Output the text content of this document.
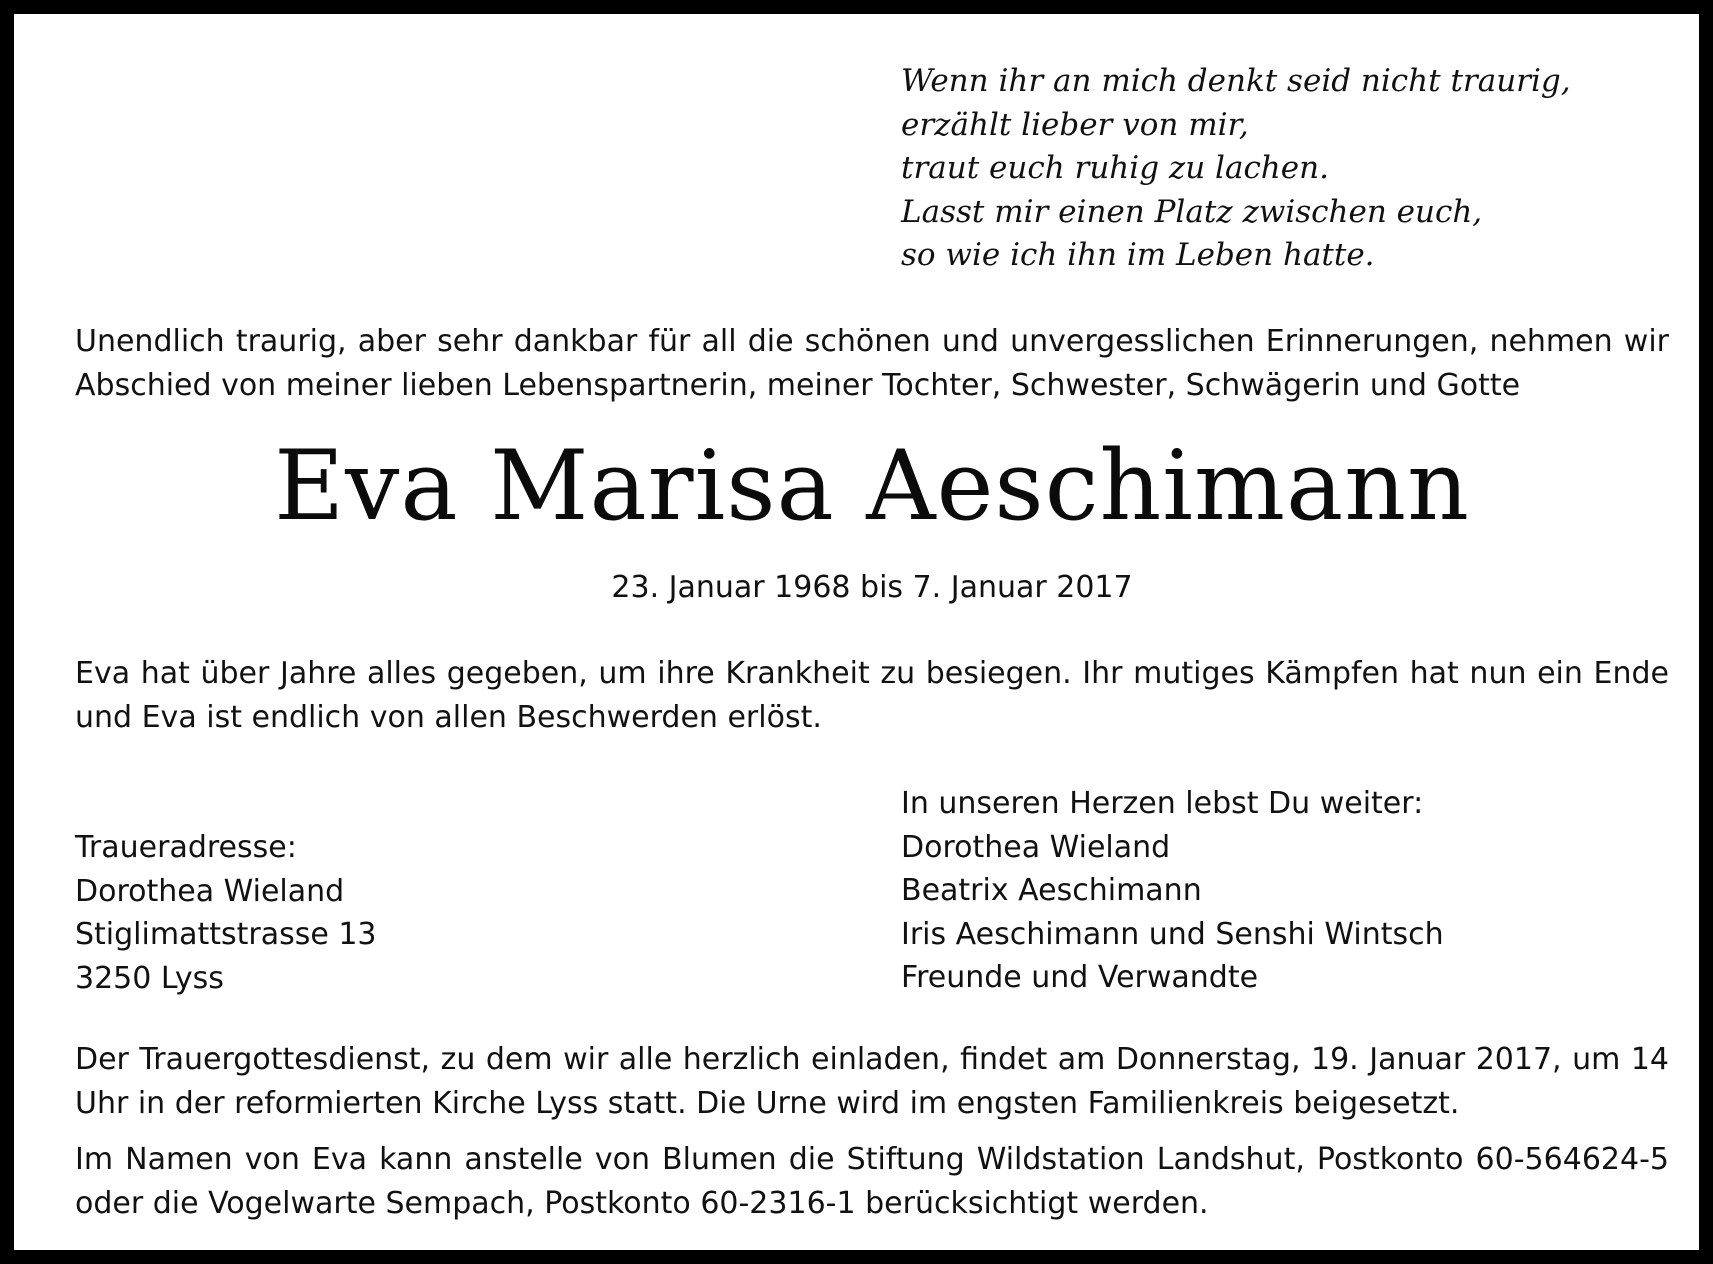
Wenn ihr an mich denkt seid nicht traurig,
erzählt lieber von mir,
traut euch ruhig zu lachen.
Lasst mir einen Platz zwischen euch,
so wie ich ihn im Leben hatte.
Unendlich traurig, aber sehr dankbar für all die schönen und unvergesslichen Erinnerungen, nehmen wir Abschied von meiner lieben Lebenspartnerin, meiner Tochter, Schwester, Schwägerin und Gotte
Eva Marisa Aeschimann
23. Januar 1968 bis 7. Januar 2017
Eva hat über Jahre alles gegeben, um ihre Krankheit zu besiegen. Ihr mutiges Kämpfen hat nun ein Ende und Eva ist endlich von allen Beschwerden erlöst.
Traueradresse:
Dorothea Wieland
Stiglimattstrasse 13
3250 Lyss
In unseren Herzen lebst Du weiter:
Dorothea Wieland
Beatrix Aeschimann
Iris Aeschimann und Senshi Wintsch
Freunde und Verwandte
Der Trauergottesdienst, zu dem wir alle herzlich einladen, findet am Donnerstag, 19. Januar 2017, um 14 Uhr in der reformierten Kirche Lyss statt. Die Urne wird im engsten Familienkreis beigesetzt.
Im Namen von Eva kann anstelle von Blumen die Stiftung Wildstation Landshut, Postkonto 60-564624-5 oder die Vogelwarte Sempach, Postkonto 60-2316-1 berücksichtigt werden.
